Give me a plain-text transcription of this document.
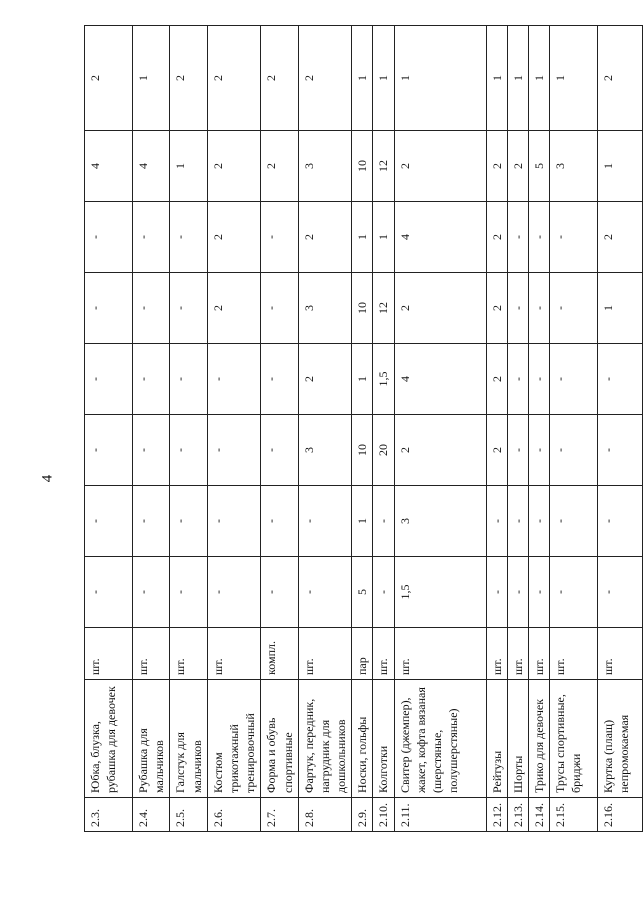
4
2.3.	Юбка, блузка, рубашка для девочек	шт.	-	-	-	-	-	-	4	2
2.4.	Рубашка для мальчиков	шт.	-	-	-	-	-	-	4	1
2.5.	Галстук для мальчиков	шт.	-	-	-	-	-	-	1	2
2.6.	Костюм трикотажный тренировочный	шт.	-	-	-	-	2	2	2	2
2.7.	Форма и обувь спортивные	компл.	-	-	-	-	-	-	2	2
2.8.	Фартук, передник, нагрудник для дошкольников	шт.	-	-	3	2	3	2	3	2
2.9.	Носки, гольфы	пар	5	1	10	1	10	1	10	1
2.10.	Колготки	шт.	-	-	20	1,5	12	1	12	1
2.11.	Свитер (джемпер), жакет, кофта вязаная (шерстяные, полушерстяные)	шт.	1,5	3	2	4	2	4	2	1
2.12.	Рейтузы	шт.	-	-	2	2	2	2	2	1
2.13.	Шорты	шт.	-	-	-	-	-	-	2	1
2.14.	Трико для девочек	шт.	-	-	-	-	-	-	5	1
2.15.	Трусы спортивные, бриджи	шт.	-	-	-	-	-	-	3	1
2.16.	Куртка (плащ) непромокаемая	шт.	-	-	-	-	1	2	1	2
